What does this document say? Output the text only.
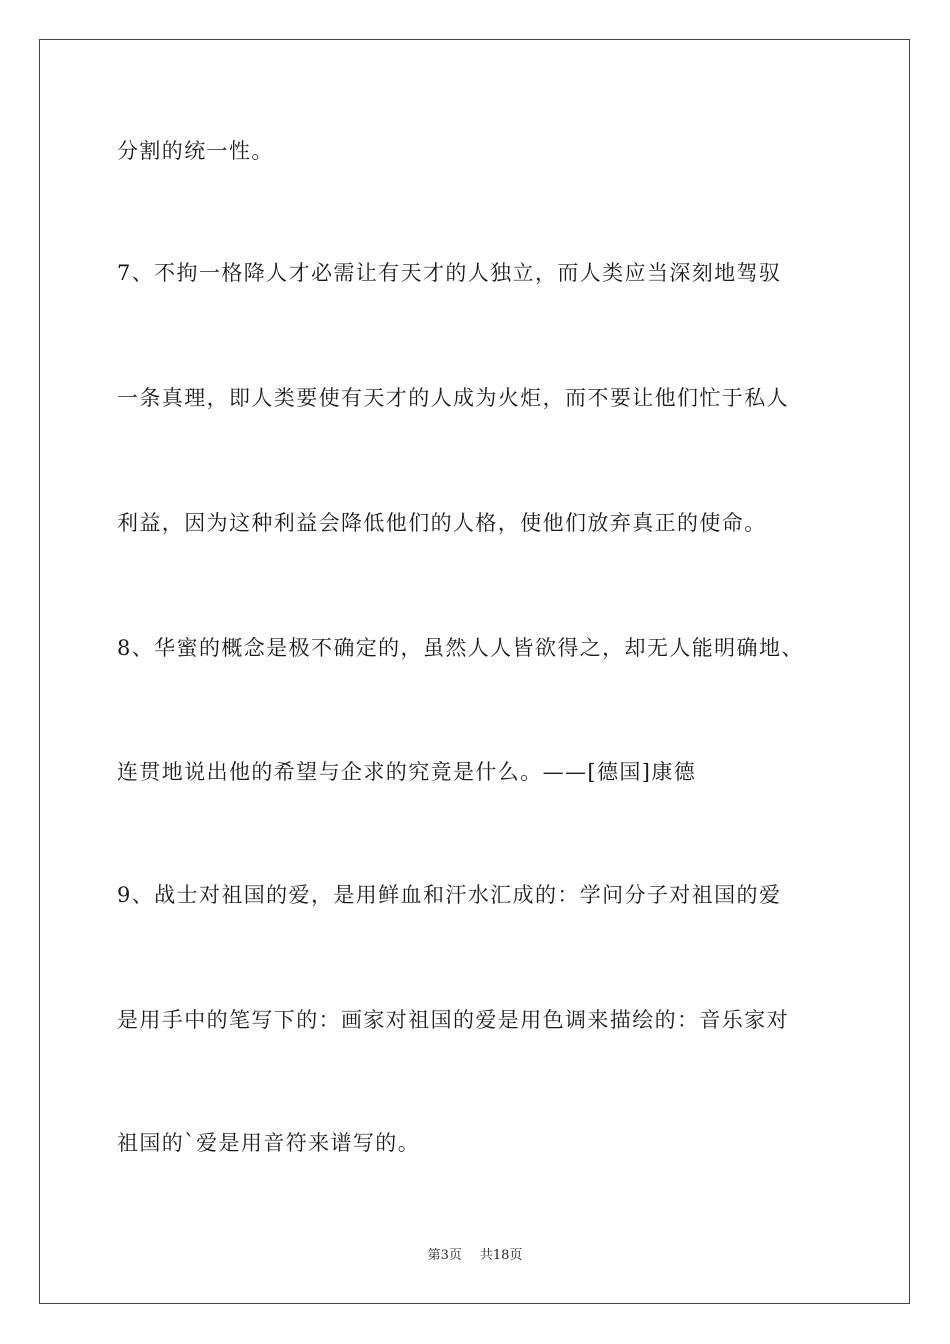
分割的统一性。

7、不拘一格降人才必需让有天才的人独立，而人类应当深刻地驾驭

一条真理，即人类要使有天才的人成为火炬，而不要让他们忙于私人

利益，因为这种利益会降低他们的人格，使他们放弃真正的使命。

8、华蜜的概念是极不确定的，虽然人人皆欲得之，却无人能明确地、

连贯地说出他的希望与企求的究竟是什么。——[德国]康德

9、战士对祖国的爱，是用鲜血和汗水汇成的：学问分子对祖国的爱

是用手中的笔写下的：画家对祖国的爱是用色调来描绘的：音乐家对

祖国的`爱是用音符来谱写的。

第3页 共18页
